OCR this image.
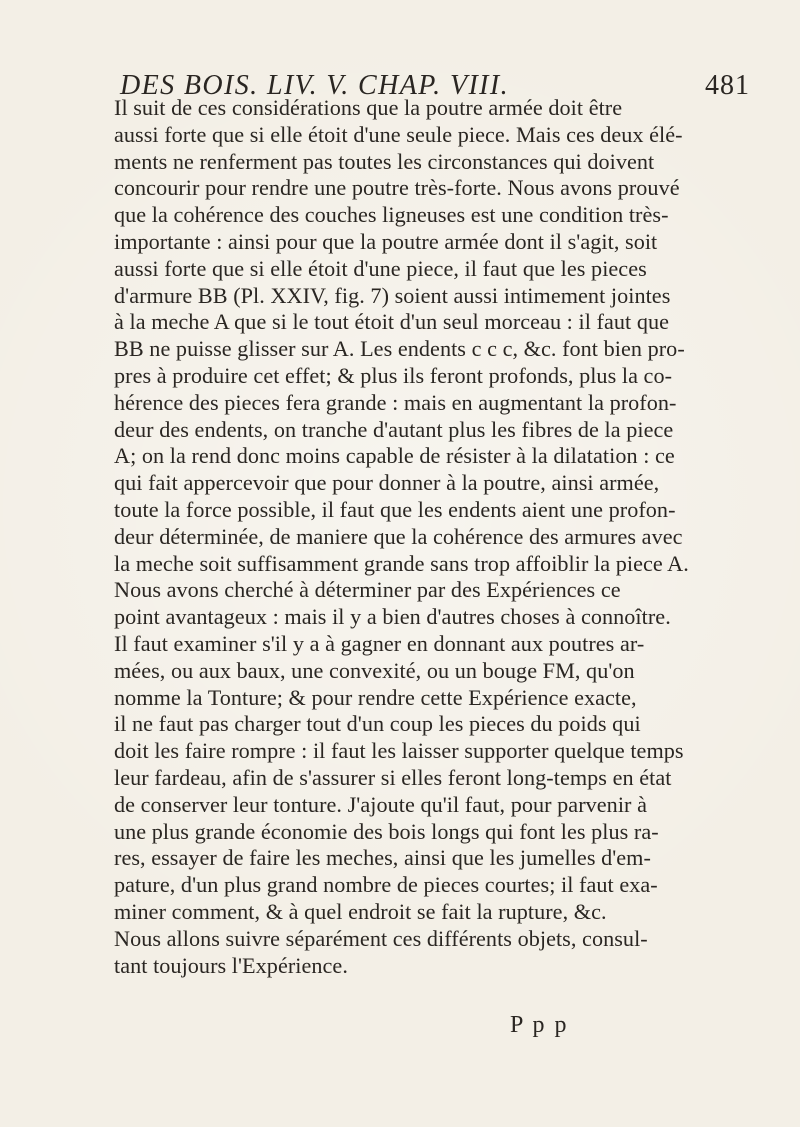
DES BOIS. LIV. V. CHAP. VIII.	481
Il suit de ces considérations que la poutre armée doit être
aussi forte que si elle étoit d'une seule piece. Mais ces deux élé-
ments ne renferment pas toutes les circonstances qui doivent
concourir pour rendre une poutre très-forte. Nous avons prouvé
que la cohérence des couches ligneuses est une condition très-
importante : ainsi pour que la poutre armée dont il s'agit, soit
aussi forte que si elle étoit d'une piece, il faut que les pieces
d'armure BB (Pl. XXIV, fig. 7) soient aussi intimement jointes
à la meche A que si le tout étoit d'un seul morceau : il faut que
BB ne puisse glisser sur A. Les endents c c c, &c. font bien pro-
pres à produire cet effet; & plus ils feront profonds, plus la co-
hérence des pieces fera grande : mais en augmentant la profon-
deur des endents, on tranche d'autant plus les fibres de la piece
A; on la rend donc moins capable de résister à la dilatation : ce
qui fait appercevoir que pour donner à la poutre, ainsi armée,
toute la force possible, il faut que les endents aient une profon-
deur déterminée, de maniere que la cohérence des armures avec
la meche soit suffisamment grande sans trop affoiblir la piece A.
Nous avons cherché à déterminer par des Expériences ce
point avantageux : mais il y a bien d'autres choses à connoître.
Il faut examiner s'il y a à gagner en donnant aux poutres ar-
mées, ou aux baux, une convexité, ou un bouge FM, qu'on
nomme la Tonture; & pour rendre cette Expérience exacte,
il ne faut pas charger tout d'un coup les pieces du poids qui
doit les faire rompre : il faut les laisser supporter quelque temps
leur fardeau, afin de s'assurer si elles feront long-temps en état
de conserver leur tonture. J'ajoute qu'il faut, pour parvenir à
une plus grande économie des bois longs qui font les plus ra-
res, essayer de faire les meches, ainsi que les jumelles d'em-
pature, d'un plus grand nombre de pieces courtes; il faut exa-
miner comment, & à quel endroit se fait la rupture, &c.
Nous allons suivre séparément ces différents objets, consul-
tant toujours l'Expérience.
P p p
